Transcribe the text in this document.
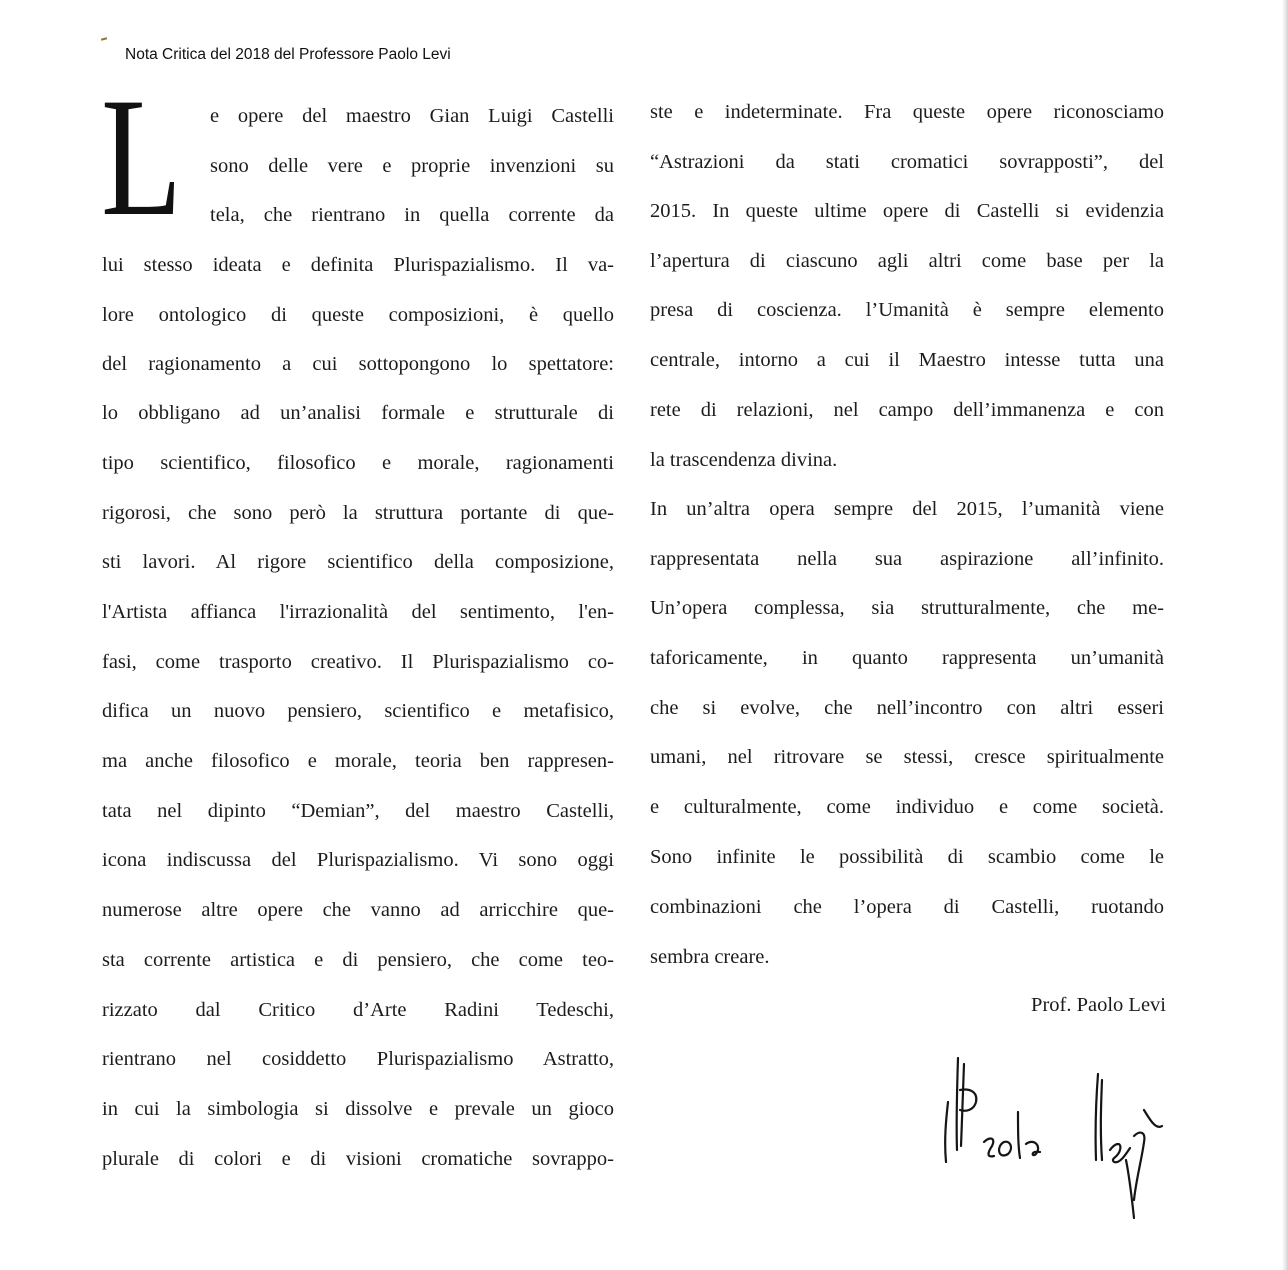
Nota Critica del 2018 del Professore Paolo Levi
L e opere del maestro Gian Luigi Castelli
sono delle vere e proprie invenzioni su
tela, che rientrano in quella corrente da
lui stesso ideata e definita Plurispazialismo. Il va-
lore ontologico di queste composizioni, è quello
del ragionamento a cui sottopongono lo spettatore:
lo obbligano ad un’analisi formale e strutturale di
tipo scientifico, filosofico e morale, ragionamenti
rigorosi, che sono però la struttura portante di que-
sti lavori. Al rigore scientifico della composizione,
l'Artista affianca l'irrazionalità del sentimento, l'en-
fasi, come trasporto creativo. Il Plurispazialismo co-
difica un nuovo pensiero, scientifico e metafisico,
ma anche filosofico e morale, teoria ben rappresen-
tata nel dipinto “Demian”, del maestro Castelli,
icona indiscussa del Plurispazialismo. Vi sono oggi
numerose altre opere che vanno ad arricchire que-
sta corrente artistica e di pensiero, che come teo-
rizzato dal Critico d’Arte Radini Tedeschi,
rientrano nel cosiddetto Plurispazialismo Astratto,
in cui la simbologia si dissolve e prevale un gioco
plurale di colori e di visioni cromatiche sovrappo-
ste e indeterminate. Fra queste opere riconosciamo
“Astrazioni da stati cromatici sovrapposti”, del
2015. In queste ultime opere di Castelli si evidenzia
l’apertura di ciascuno agli altri come base per la
presa di coscienza. l’Umanità è sempre elemento
centrale, intorno a cui il Maestro intesse tutta una
rete di relazioni, nel campo dell’immanenza e con
la trascendenza divina.
In un’altra opera sempre del 2015, l’umanità viene
rappresentata nella sua aspirazione all’infinito.
Un’opera complessa, sia strutturalmente, che me-
taforicamente, in quanto rappresenta un’umanità
che si evolve, che nell’incontro con altri esseri
umani, nel ritrovare se stessi, cresce spiritualmente
e culturalmente, come individuo e come società.
Sono infinite le possibilità di scambio come le
combinazioni che l’opera di Castelli, ruotando
sembra creare.
Prof. Paolo Levi
